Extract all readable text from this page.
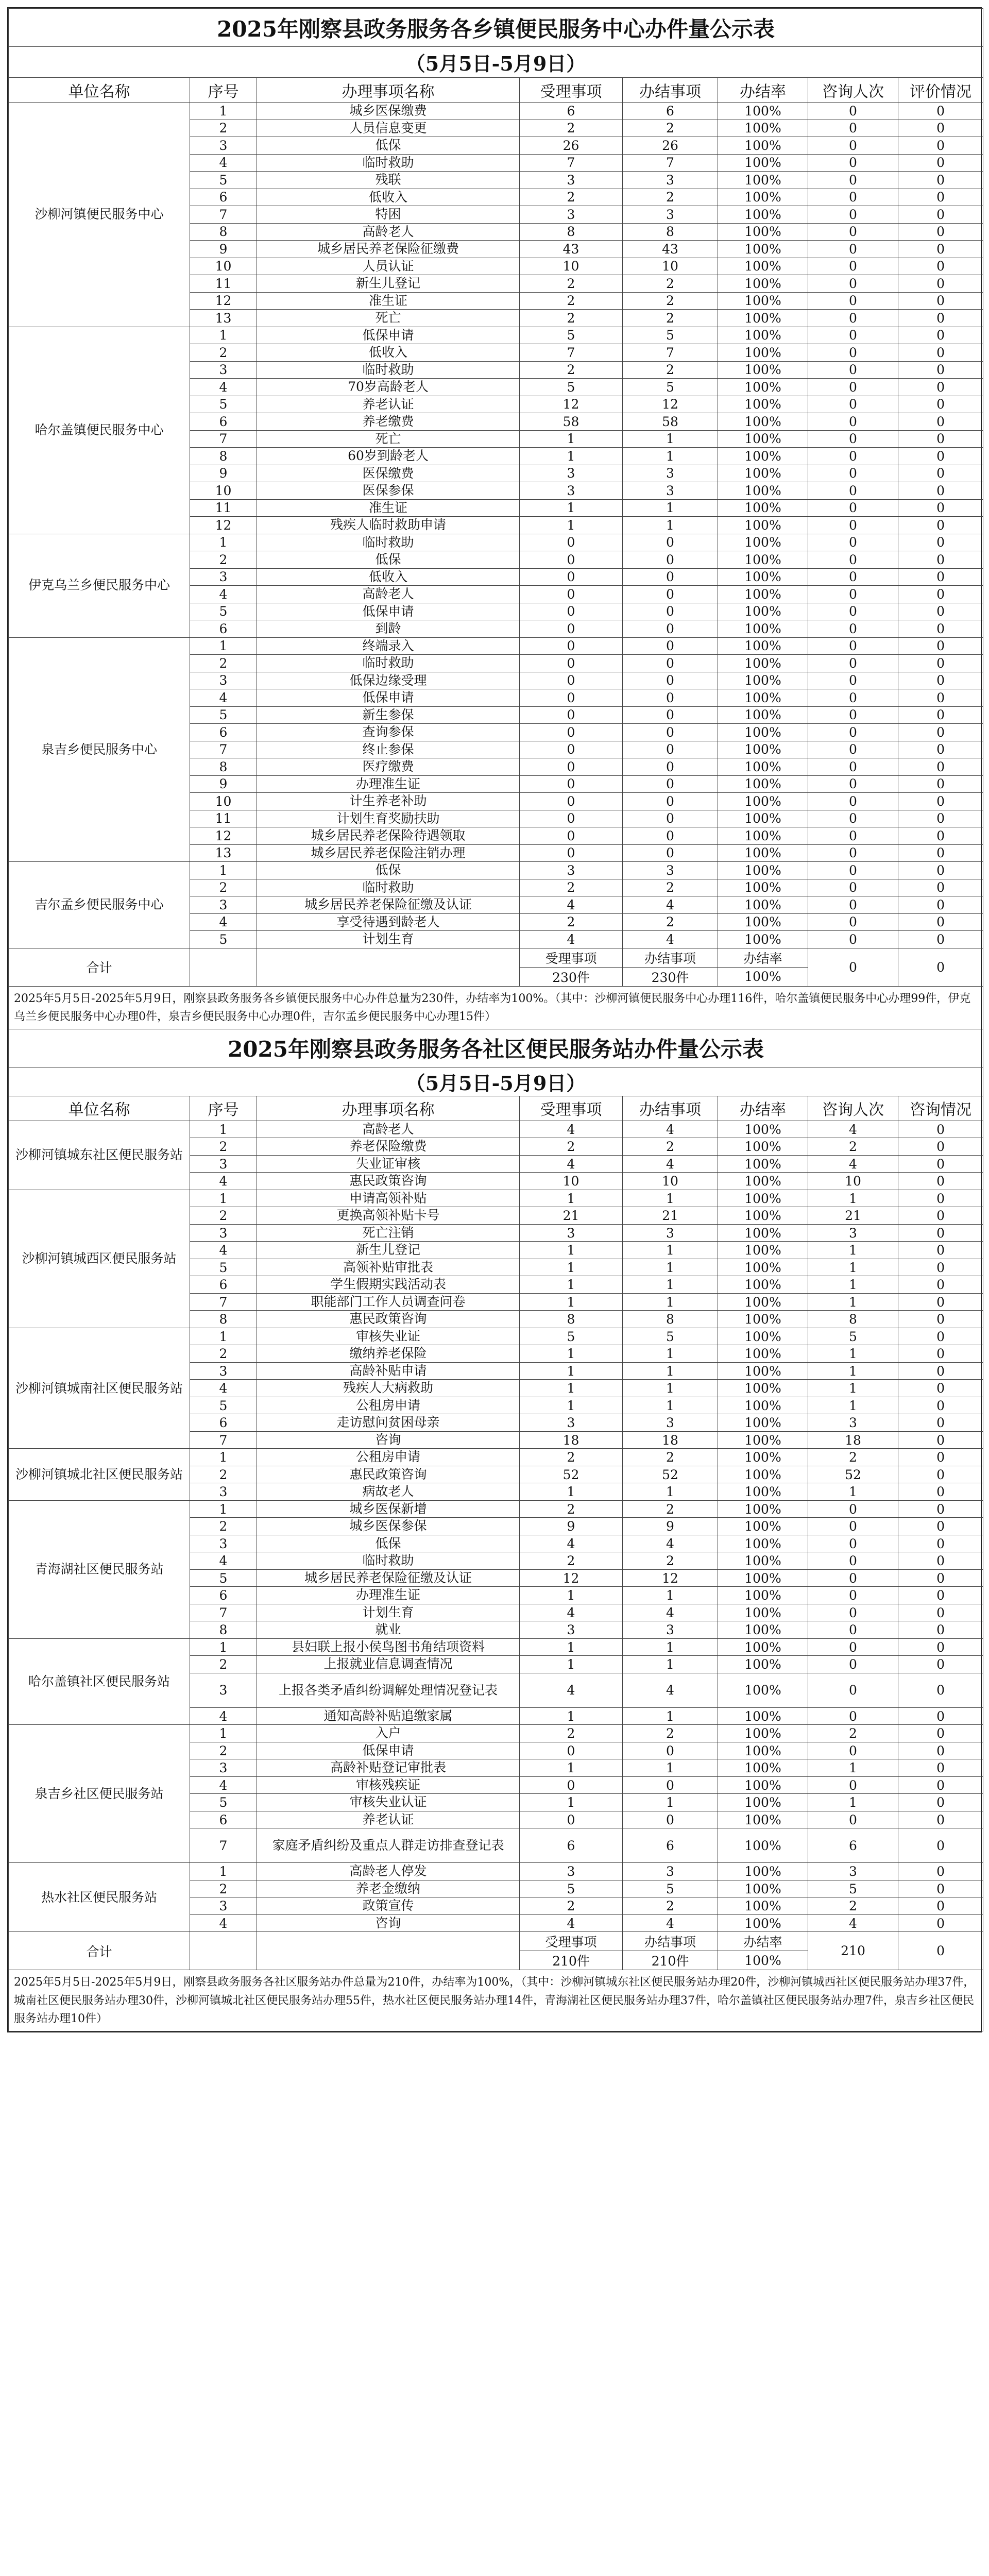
2025年刚察县政务服务各乡镇便民服务中心办件量公示表							
（5月5日-5月9日）							
单位名称	序号	办理事项名称	受理事项	办结事项	办结率	咨询人次	评价情况
沙柳河镇便民服务中心	1	城乡医保缴费	6	6	100%	0	0
	2	人员信息变更	2	2	100%	0	0
	3	低保	26	26	100%	0	0
	4	临时救助	7	7	100%	0	0
	5	残联	3	3	100%	0	0
	6	低收入	2	2	100%	0	0
	7	特困	3	3	100%	0	0
	8	高龄老人	8	8	100%	0	0
	9	城乡居民养老保险征缴费	43	43	100%	0	0
	10	人员认证	10	10	100%	0	0
	11	新生儿登记	2	2	100%	0	0
	12	准生证	2	2	100%	0	0
	13	死亡	2	2	100%	0	0
哈尔盖镇便民服务中心	1	低保申请	5	5	100%	0	0
	2	低收入	7	7	100%	0	0
	3	临时救助	2	2	100%	0	0
	4	70岁高龄老人	5	5	100%	0	0
	5	养老认证	12	12	100%	0	0
	6	养老缴费	58	58	100%	0	0
	7	死亡	1	1	100%	0	0
	8	60岁到龄老人	1	1	100%	0	0
	9	医保缴费	3	3	100%	0	0
	10	医保参保	3	3	100%	0	0
	11	准生证	1	1	100%	0	0
	12	残疾人临时救助申请	1	1	100%	0	0
伊克乌兰乡便民服务中心	1	临时救助	0	0	100%	0	0
	2	低保	0	0	100%	0	0
	3	低收入	0	0	100%	0	0
	4	高龄老人	0	0	100%	0	0
	5	低保申请	0	0	100%	0	0
	6	到龄	0	0	100%	0	0
泉吉乡便民服务中心	1	终端录入	0	0	100%	0	0
	2	临时救助	0	0	100%	0	0
	3	低保边缘受理	0	0	100%	0	0
	4	低保申请	0	0	100%	0	0
	5	新生参保	0	0	100%	0	0
	6	查询参保	0	0	100%	0	0
	7	终止参保	0	0	100%	0	0
	8	医疗缴费	0	0	100%	0	0
	9	办理准生证	0	0	100%	0	0
	10	计生养老补助	0	0	100%	0	0
	11	计划生育奖励扶助	0	0	100%	0	0
	12	城乡居民养老保险待遇领取	0	0	100%	0	0
	13	城乡居民养老保险注销办理	0	0	100%	0	0
吉尔孟乡便民服务中心	1	低保	3	3	100%	0	0
	2	临时救助	2	2	100%	0	0
	3	城乡居民养老保险征缴及认证	4	4	100%	0	0
	4	享受待遇到龄老人	2	2	100%	0	0
	5	计划生育	4	4	100%	0	0
合计			受理事项	办结事项	办结率	0	0
			230件	230件	100%		
2025年5月5日-2025年5月9日，刚察县政务服务各乡镇便民服务中心办件总量为230件，办结率为100%。（其中：沙柳河镇便民服务中心办理116件，哈尔盖镇便民服务中心办理99件，伊克乌兰乡便民服务中心办理0件，泉吉乡便民服务中心办理0件，吉尔孟乡便民服务中心办理15件）							
2025年刚察县政务服务各社区便民服务站办件量公示表							
（5月5日-5月9日）							
单位名称	序号	办理事项名称	受理事项	办结事项	办结率	咨询人次	咨询情况
沙柳河镇城东社区便民服务站	1	高龄老人	4	4	100%	4	0
	2	养老保险缴费	2	2	100%	2	0
	3	失业证审核	4	4	100%	4	0
	4	惠民政策咨询	10	10	100%	10	0
沙柳河镇城西区便民服务站	1	申请高领补贴	1	1	100%	1	0
	2	更换高领补贴卡号	21	21	100%	21	0
	3	死亡注销	3	3	100%	3	0
	4	新生儿登记	1	1	100%	1	0
	5	高领补贴审批表	1	1	100%	1	0
	6	学生假期实践活动表	1	1	100%	1	0
	7	职能部门工作人员调查问卷	1	1	100%	1	0
	8	惠民政策咨询	8	8	100%	8	0
沙柳河镇城南社区便民服务站	1	审核失业证	5	5	100%	5	0
	2	缴纳养老保险	1	1	100%	1	0
	3	高龄补贴申请	1	1	100%	1	0
	4	残疾人大病救助	1	1	100%	1	0
	5	公租房申请	1	1	100%	1	0
	6	走访慰问贫困母亲	3	3	100%	3	0
	7	咨询	18	18	100%	18	0
沙柳河镇城北社区便民服务站	1	公租房申请	2	2	100%	2	0
	2	惠民政策咨询	52	52	100%	52	0
	3	病故老人	1	1	100%	1	0
青海湖社区便民服务站	1	城乡医保新增	2	2	100%	0	0
	2	城乡医保参保	9	9	100%	0	0
	3	低保	4	4	100%	0	0
	4	临时救助	2	2	100%	0	0
	5	城乡居民养老保险征缴及认证	12	12	100%	0	0
	6	办理准生证	1	1	100%	0	0
	7	计划生育	4	4	100%	0	0
	8	就业	3	3	100%	0	0
哈尔盖镇社区便民服务站	1	县妇联上报小侯鸟图书角结项资料	1	1	100%	0	0
	2	上报就业信息调查情况	1	1	100%	0	0
	3	上报各类矛盾纠纷调解处理情况登记表	4	4	100%	0	0
	4	通知高龄补贴追缴家属	1	1	100%	0	0
泉吉乡社区便民服务站	1	入户	2	2	100%	2	0
	2	低保申请	0	0	100%	0	0
	3	高龄补贴登记审批表	1	1	100%	1	0
	4	审核残疾证	0	0	100%	0	0
	5	审核失业认证	1	1	100%	1	0
	6	养老认证	0	0	100%	0	0
	7	家庭矛盾纠纷及重点人群走访排查登记表	6	6	100%	6	0
热水社区便民服务站	1	高龄老人停发	3	3	100%	3	0
	2	养老金缴纳	5	5	100%	5	0
	3	政策宣传	2	2	100%	2	0
	4	咨询	4	4	100%	4	0
合计			受理事项	办结事项	办结率	210	0
			210件	210件	100%		
2025年5月5日-2025年5月9日，刚察县政务服务各社区服务站办件总量为210件，办结率为100%，（其中：沙柳河镇城东社区便民服务站办理20件，沙柳河镇城西社区便民服务站办理37件，城南社区便民服务站办理30件，沙柳河镇城北社区便民服务站办理55件，热水社区便民服务站办理14件，青海湖社区便民服务站办理37件，哈尔盖镇社区便民服务站办理7件，泉吉乡社区便民服务站办理10件）							
